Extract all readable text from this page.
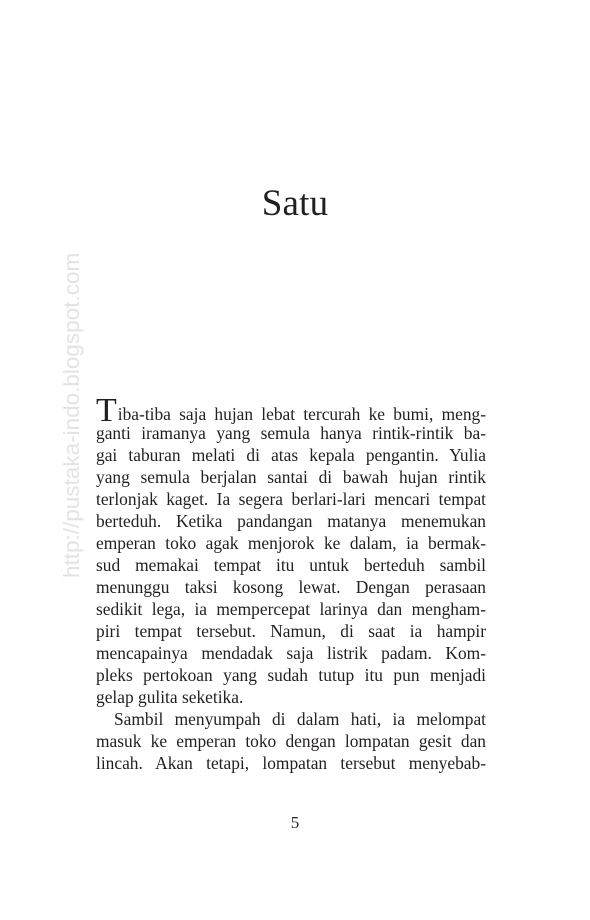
http://pustaka-indo.blogspot.com
Satu
Tiba-tiba saja hujan lebat tercurah ke bumi, meng-
ganti iramanya yang semula hanya rintik-rintik ba-
gai taburan melati di atas kepala pengantin. Yulia
yang semula berjalan santai di bawah hujan rintik
terlonjak kaget. Ia segera berlari-lari mencari tempat
berteduh. Ketika pandangan matanya menemukan
emperan toko agak menjorok ke dalam, ia bermak-
sud memakai tempat itu untuk berteduh sambil
menunggu taksi kosong lewat. Dengan perasaan
sedikit lega, ia mempercepat larinya dan mengham-
piri tempat tersebut. Namun, di saat ia hampir
mencapainya mendadak saja listrik padam. Kom-
pleks pertokoan yang sudah tutup itu pun menjadi
gelap gulita seketika.
Sambil menyumpah di dalam hati, ia melompat
masuk ke emperan toko dengan lompatan gesit dan
lincah. Akan tetapi, lompatan tersebut menyebab-
5
